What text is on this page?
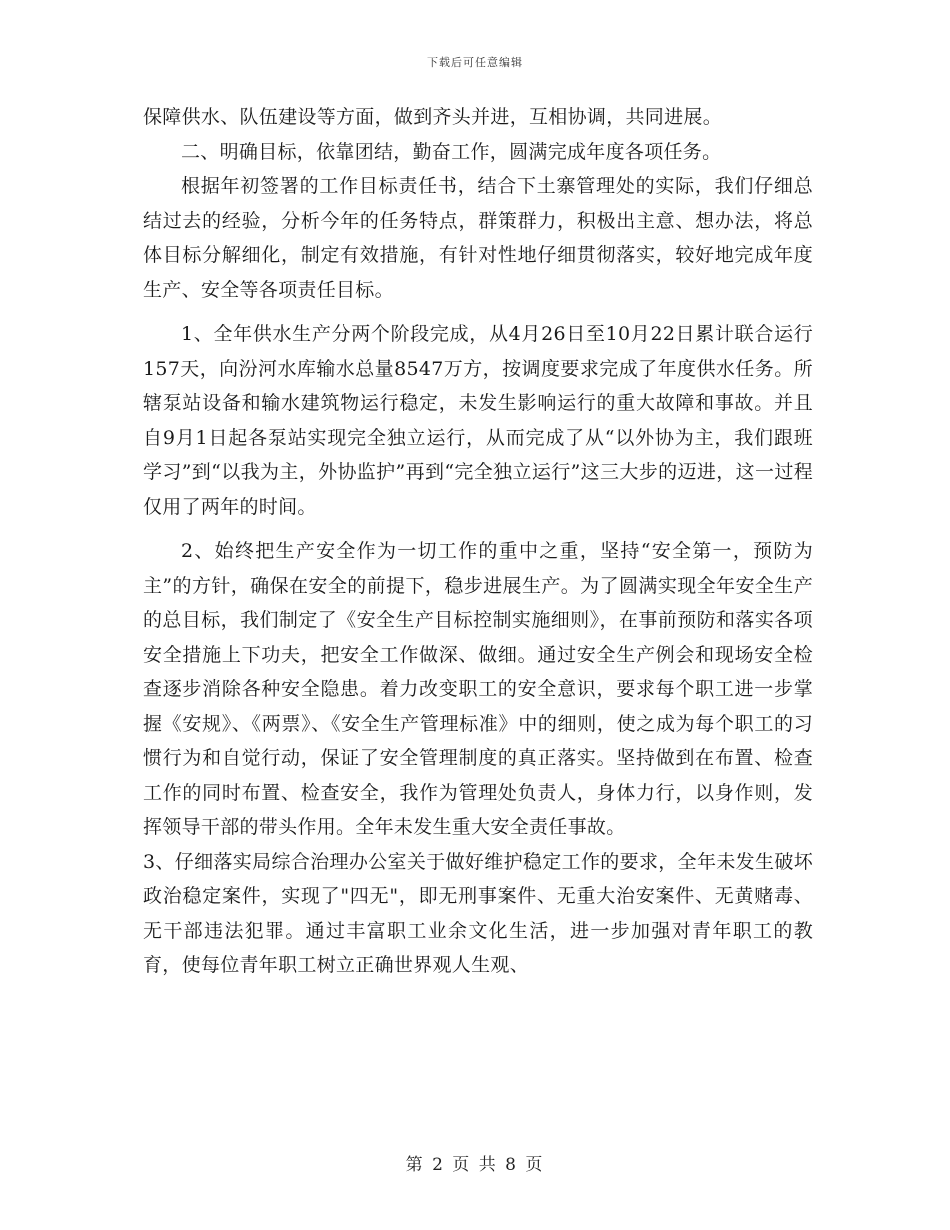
下载后可任意编辑

保障供水、队伍建设等方面，做到齐头并进，互相协调，共同进展。

二、明确目标，依靠团结，勤奋工作，圆满完成年度各项任务。

根据年初签署的工作目标责任书，结合下土寨管理处的实际，我们仔细总结过去的经验，分析今年的任务特点，群策群力，积极出主意、想办法，将总体目标分解细化，制定有效措施，有针对性地仔细贯彻落实，较好地完成年度生产、安全等各项责任目标。

1、全年供水生产分两个阶段完成，从4月26日至10月22日累计联合运行157天，向汾河水库输水总量8547万方，按调度要求完成了年度供水任务。所辖泵站设备和输水建筑物运行稳定，未发生影响运行的重大故障和事故。并且自9月1日起各泵站实现完全独立运行，从而完成了从“以外协为主，我们跟班学习”到“以我为主，外协监护”再到“完全独立运行”这三大步的迈进，这一过程仅用了两年的时间。

2、始终把生产安全作为一切工作的重中之重，坚持“安全第一，预防为主”的方针，确保在安全的前提下，稳步进展生产。为了圆满实现全年安全生产的总目标，我们制定了《安全生产目标控制实施细则》，在事前预防和落实各项安全措施上下功夫，把安全工作做深、做细。通过安全生产例会和现场安全检查逐步消除各种安全隐患。着力改变职工的安全意识，要求每个职工进一步掌握《安规》、《两票》、《安全生产管理标准》中的细则，使之成为每个职工的习惯行为和自觉行动，保证了安全管理制度的真正落实。坚持做到在布置、检查工作的同时布置、检查安全，我作为管理处负责人，身体力行，以身作则，发挥领导干部的带头作用。全年未发生重大安全责任事故。

3、仔细落实局综合治理办公室关于做好维护稳定工作的要求，全年未发生破坏政治稳定案件，实现了"四无"，即无刑事案件、无重大治安案件、无黄赌毒、无干部违法犯罪。通过丰富职工业余文化生活，进一步加强对青年职工的教育，使每位青年职工树立正确世界观人生观、

第 2 页 共 8 页
